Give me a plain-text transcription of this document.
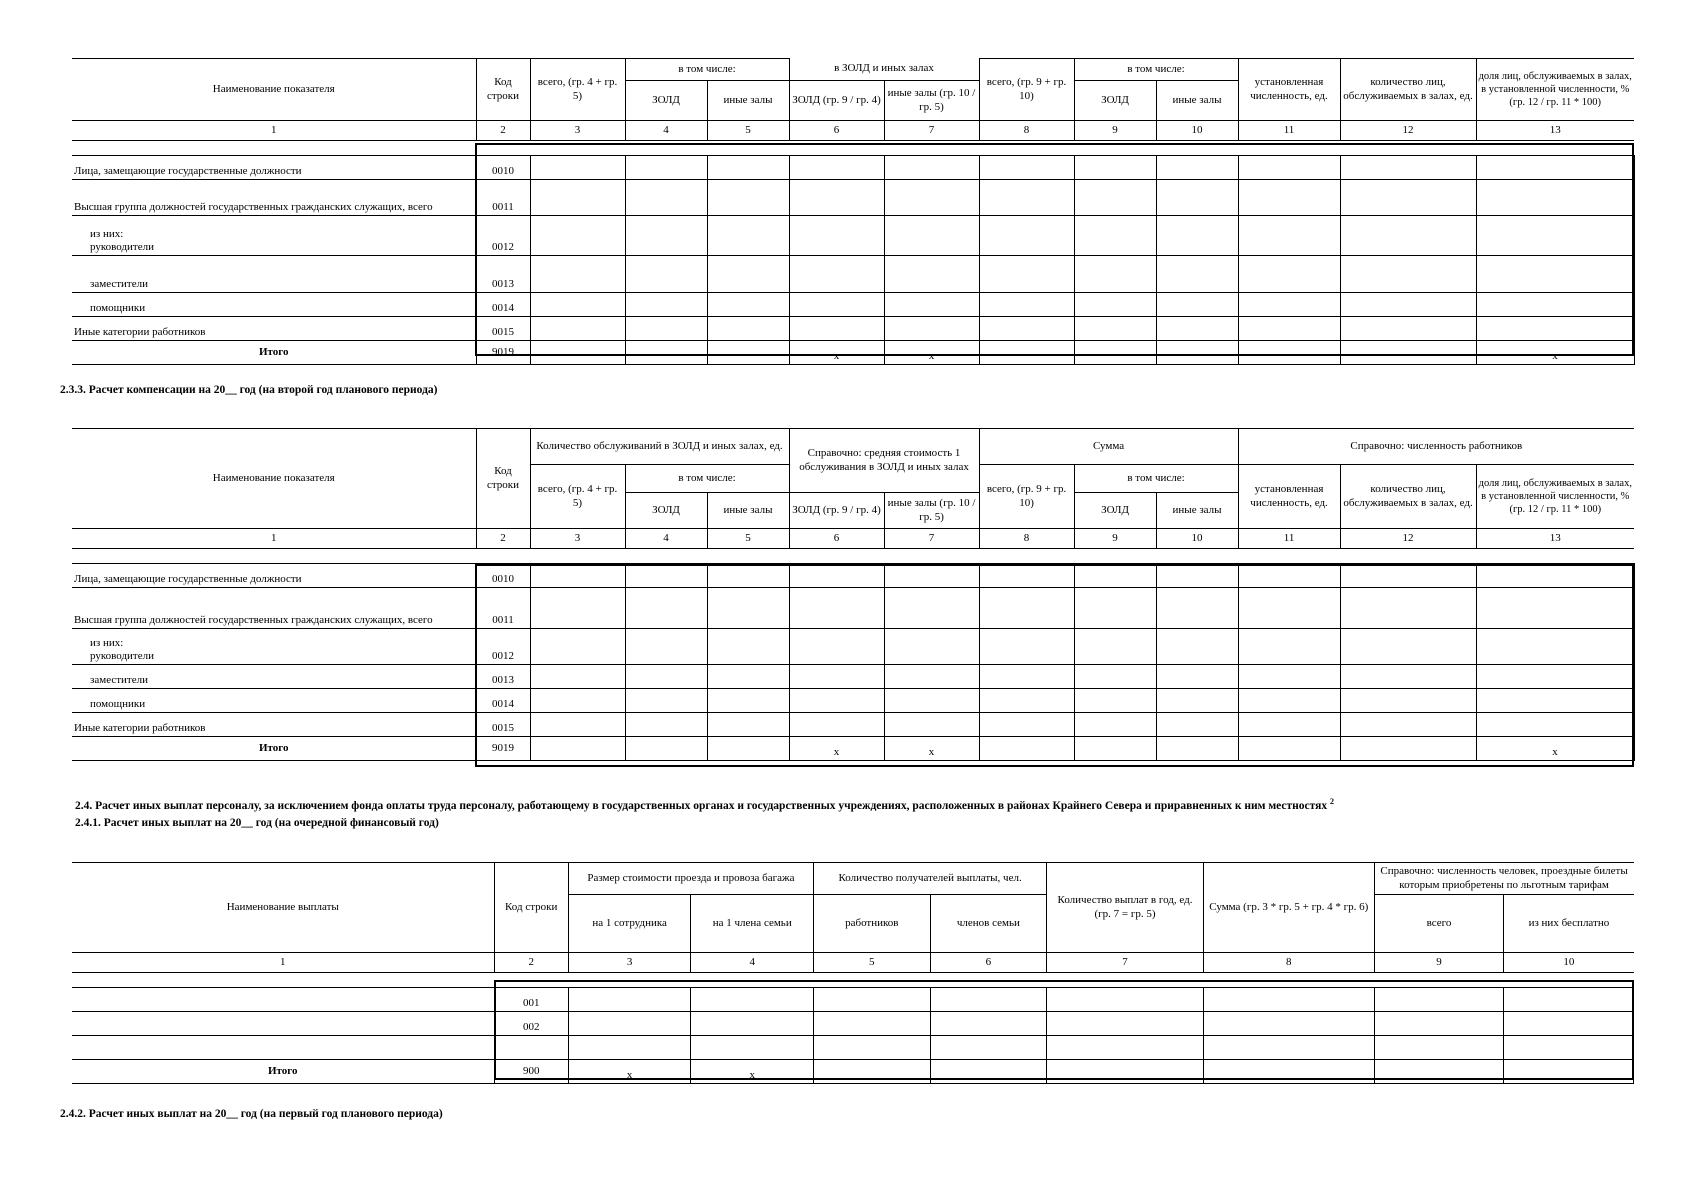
Наименование показателя	Код строки	всего, (гр. 4 + гр. 5)	в том числе:		в ЗОЛД и иных залах		всего, (гр. 9 + гр. 10)	в том числе:		установленная численность, ед.	количество лиц, обслуживаемых в залах, ед.	доля лиц, обслуживаемых в залах, в установленной численности, % (гр. 12 / гр. 11 * 100)
			ЗОЛД	иные залы	ЗОЛД (гр. 9 / гр. 4)	иные залы (гр. 10 / гр. 5)		ЗОЛД	иные залы			
1	2	3	4	5	6	7	8	9	10	11	12	13

Лица, замещающие государственные должности	0010											
Высшая группа должностей государственных гражданских служащих, всего	0011											

из них:
руководители	0012											
заместители	0013											
помощники	0014											
Иные категории работников	0015											
Итого	9019				x	x						x
2.3.3. Расчет компенсации на 20__ год (на второй год планового периода)
Наименование показателя	Код строки	Количество обслуживаний в ЗОЛД и иных залах, ед.			Справочно: средняя стоимость 1 обслуживания в ЗОЛД и иных залах		Сумма			Справочно: численность работников		
		всего, (гр. 4 + гр. 5)	в том числе:				всего, (гр. 9 + гр. 10)	в том числе:		установленная численность, ед.	количество лиц, обслуживаемых в залах, ед.	доля лиц, обслуживаемых в залах, в установленной численности, % (гр. 12 / гр. 11 * 100)
			ЗОЛД	иные залы	ЗОЛД (гр. 9 / гр. 4)	иные залы (гр. 10 / гр. 5)		ЗОЛД	иные залы			
1	2	3	4	5	6	7	8	9	10	11	12	13

Лица, замещающие государственные должности	0010											
Высшая группа должностей государственных гражданских служащих, всего	0011											

из них:
руководители	0012											
заместители	0013											
помощники	0014											
Иные категории работников	0015											
Итого	9019				x	x						x
2.4. Расчет иных выплат персоналу, за исключением фонда оплаты труда персоналу, работающему в государственных органах и государственных учреждениях, расположенных в районах Крайнего Севера и приравненных к ним местностях $^2$
2.4.1. Расчет иных выплат на 20__ год (на очередной финансовый год)
Наименование выплаты	Код строки	Размер стоимости проезда и провоза багажа		Количество получателей выплаты, чел.		Количество выплат в год, ед. (гр. 7 = гр. 5)	Сумма (гр. 3 * гр. 5 + гр. 4 * гр. 6)	Справочно: численность человек, проездные билеты которым приобретены по льготным тарифам	
		на 1 сотрудника	на 1 члена семьи	работников	членов семьи			всего	из них бесплатно
1	2	3	4	5	6	7	8	9	10

	001								
	002								

Итого	900	x	x						
2.4.2. Расчет иных выплат на 20__ год (на первый год планового периода)
